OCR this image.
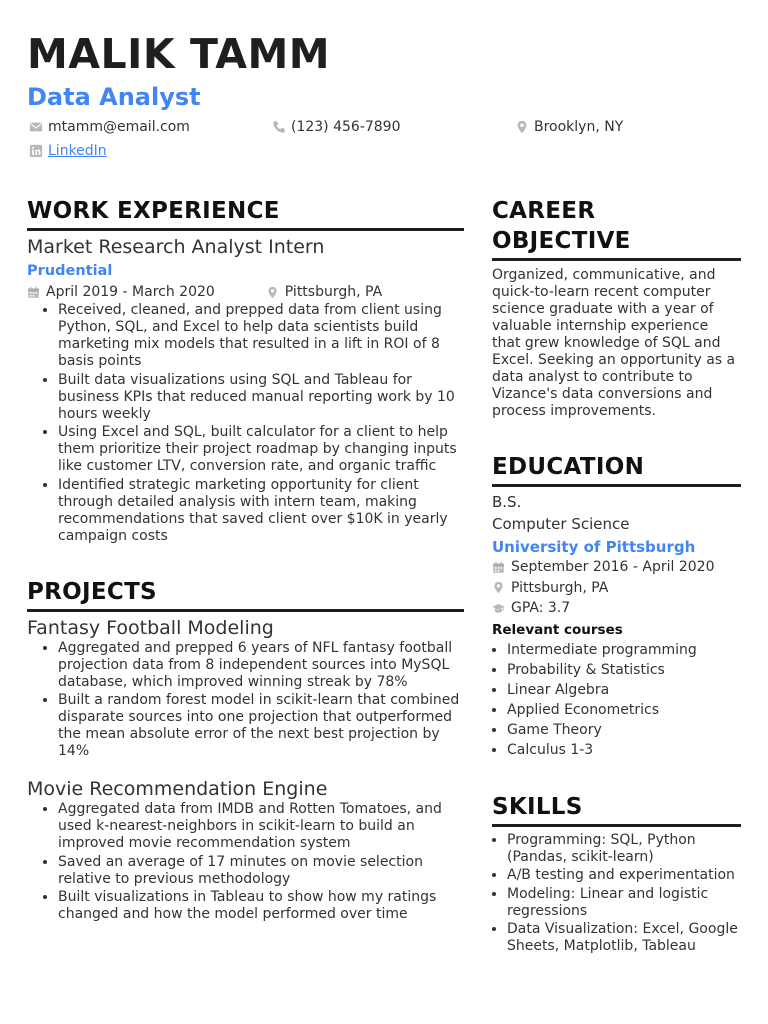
MALIK TAMM
Data Analyst
mtamm@email.com	(123) 456-7890	Brooklyn, NY
LinkedIn
WORK EXPERIENCE

Market Research Analyst Intern

Prudential

April 2019 - March 2020	Pittsburgh, PA
• Received, cleaned, and prepped data from client using Python, SQL, and Excel to help data scientists build marketing mix models that resulted in a lift in ROI of 8 basis points
• Built data visualizations using SQL and Tableau for business KPIs that reduced manual reporting work by 10 hours weekly
• Using Excel and SQL, built calculator for a client to help them prioritize their project roadmap by changing inputs like customer LTV, conversion rate, and organic traffic
• Identified strategic marketing opportunity for client through detailed analysis with intern team, making recommendations that saved client over $10K in yearly campaign costs
PROJECTS

Fantasy Football Modeling

• Aggregated and prepped 6 years of NFL fantasy football projection data from 8 independent sources into MySQL database, which improved winning streak by 78%
• Built a random forest model in scikit-learn that combined disparate sources into one projection that outperformed the mean absolute error of the next best projection by 14%

Movie Recommendation Engine

• Aggregated data from IMDB and Rotten Tomatoes, and used k-nearest-neighbors in scikit-learn to build an improved movie recommendation system
• Saved an average of 17 minutes on movie selection relative to previous methodology
• Built visualizations in Tableau to show how my ratings changed and how the model performed over time
CAREER
OBJECTIVE

Organized, communicative, and quick-to-learn recent computer science graduate with a year of valuable internship experience that grew knowledge of SQL and Excel. Seeking an opportunity as a data analyst to contribute to Vizance's data conversions and process improvements.

EDUCATION

B.S.

Computer Science

University of Pittsburgh

September 2016 - April 2020
Pittsburgh, PA
GPA: 3.7

Relevant courses

• Intermediate programming
• Probability & Statistics
• Linear Algebra
• Applied Econometrics
• Game Theory
• Calculus 1-3
SKILLS
• Programming: SQL, Python (Pandas, scikit-learn)
• A/B testing and experimentation
• Modeling: Linear and logistic regressions
• Data Visualization: Excel, Google Sheets, Matplotlib, Tableau
